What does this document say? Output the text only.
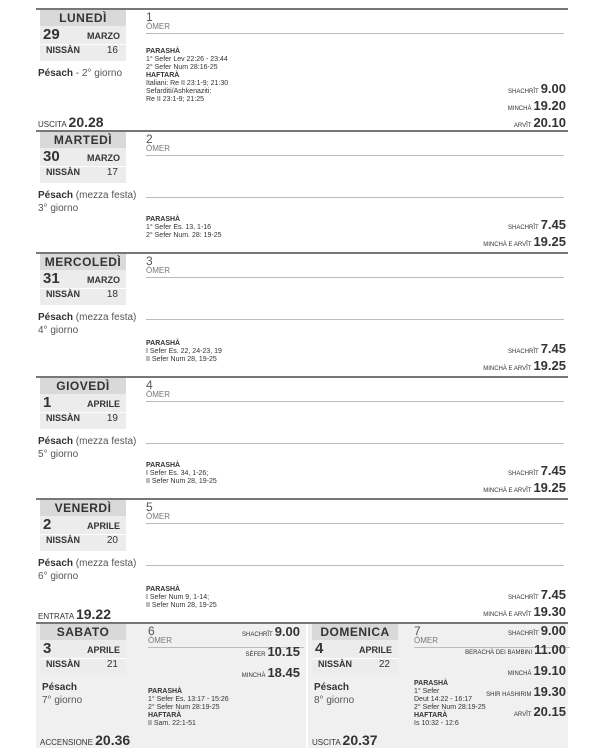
LUNEDÌ
29	MARZO
NISSÀN	16
Pésach - 2° giorno
USCITA 20.28
1
ÒMER
PARASHÀ
1° Sefer Lev 22:26 - 23:44
2° Sefer Num 28:16-25
HAFTARÀ
Italiani: Re II 23:1-9; 21:30
Sefarditi/Ashkenaziti:
Re II 23:1-9; 21:25
SHACHRÎT 9.00
MINCHÀ 19.20
ARVÎT 20.10
MARTEDÌ
30	MARZO
NISSÀN	17
Pésach (mezza festa)
3° giorno
2
ÒMER
PARASHÀ
1° Sefer Es. 13, 1-16
2° Sefer Num. 28: 19-25
SHACHRÎT 7.45
MINCHÀ E ARVÎT 19.25
MERCOLEDÌ
31	MARZO
NISSÀN	18
Pésach (mezza festa)
4° giorno
3
ÒMER
PARASHÀ
I Sefer Es. 22, 24-23, 19
II Sefer Num 28, 19-25
SHACHRÎT 7.45
MINCHÀ E ARVÎT 19.25
GIOVEDÌ
1	APRILE
NISSÀN	19
Pésach (mezza festa)
5° giorno
4
ÒMER
PARASHÀ
I Sefer Es. 34, 1-26;
II Sefer Num 28, 19-25
SHACHRÎT 7.45
MINCHÀ E ARVÎT 19.25
VENERDÌ
2	APRILE
NISSÀN	20
Pésach (mezza festa)
6° giorno
ENTRATA 19.22
5
ÒMER
PARASHÀ
I Sefer Num 9, 1-14;
II Sefer Num 28, 19-25
SHACHRÎT 7.45
MINCHÀ E ARVÎT 19.30
SABATO
3	APRILE
NISSÀN	21
Pésach
7° giorno
ACCENSIONE 20.36
6
ÒMER
SHACHRÎT 9.00
SÉFER 10.15
MINCHÀ 18.45
PARASHÀ
1° Sefer Es. 13:17 - 15:26
2° Sefer Num 28:19-25
HAFTARÀ
II Sam. 22:1-51
DOMENICA
4	APRILE
NISSÀN	22
Pésach
8° giorno
USCITA 20.37
7
ÒMER
SHACHRÎT 9.00
BERACHÀ DEI BAMBINI 11.00
MINCHÀ 19.10
SHIR HASHIRIM 19.30
ARVÎT 20.15
PARASHÀ
1° Sefer
Deut 14:22 - 16:17
2° Sefer Num 28:19-25
HAFTARÀ
Is 10:32 - 12:6
